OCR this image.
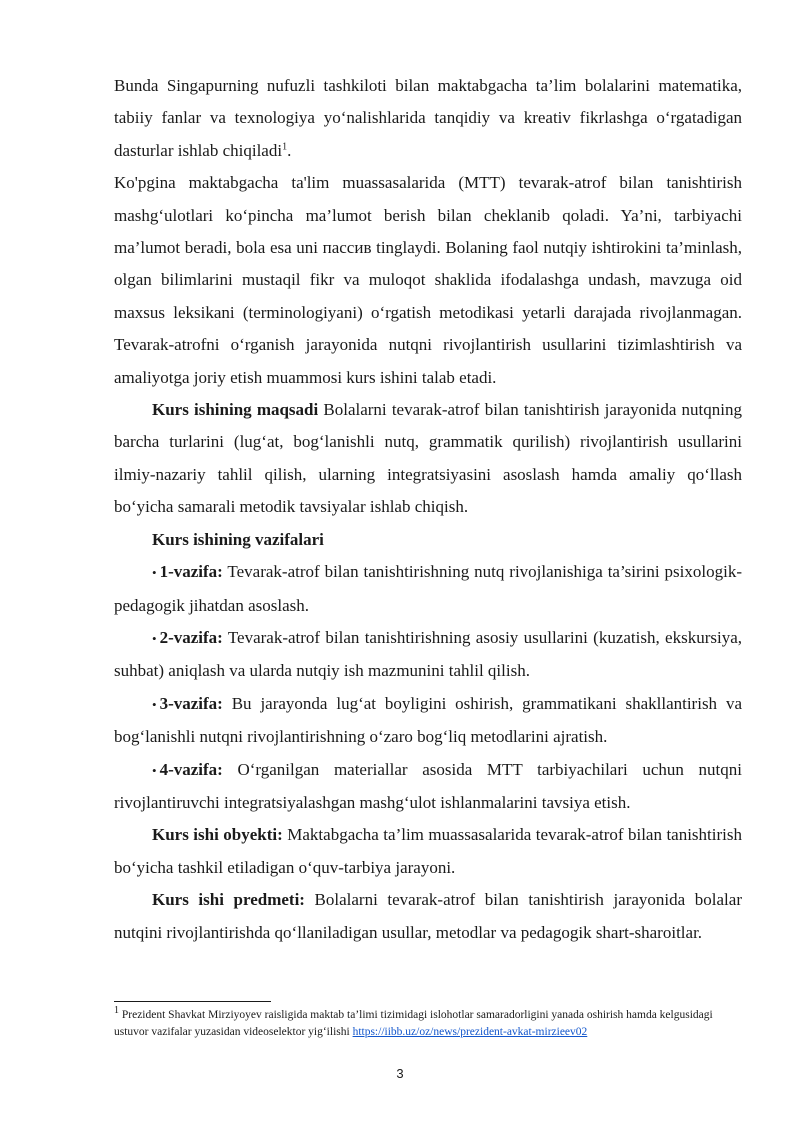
Bunda Singapurning nufuzli tashkiloti bilan maktabgacha ta’lim bolalarini matematika, tabiiy fanlar va texnologiya yo‘nalishlarida tanqidiy va kreativ fikrlashga o‘rgatadigan dasturlar ishlab chiqiladi$^1$.

Ko'pgina maktabgacha ta'lim muassasalarida (MTT) tevarak-atrof bilan tanishtirish mashg‘ulotlari ko‘pincha ma’lumot berish bilan cheklanib qoladi. Ya’ni, tarbiyachi ma’lumot beradi, bola esa uni пассив tinglaydi. Bolaning faol nutqiy ishtirokini ta’minlash, olgan bilimlarini mustaqil fikr va muloqot shaklida ifodalashga undash, mavzuga oid maxsus leksikani (terminologiyani) o‘rgatish metodikasi yetarli darajada rivojlanmagan. Tevarak-atrofni o‘rganish jarayonida nutqni rivojlantirish usullarini tizimlashtirish va amaliyotga joriy etish muammosi kurs ishini talab etadi.

Kurs ishining maqsadi Bolalarni tevarak-atrof bilan tanishtirish jarayonida nutqning barcha turlarini (lug‘at, bog‘lanishli nutq, grammatik qurilish) rivojlantirish usullarini ilmiy-nazariy tahlil qilish, ularning integratsiyasini asoslash hamda amaliy qo‘llash bo‘yicha samarali metodik tavsiyalar ishlab chiqish.

Kurs ishining vazifalari

• 1-vazifa: Tevarak-atrof bilan tanishtirishning nutq rivojlanishiga ta’sirini psixologik-pedagogik jihatdan asoslash.

• 2-vazifa: Tevarak-atrof bilan tanishtirishning asosiy usullarini (kuzatish, ekskursiya, suhbat) aniqlash va ularda nutqiy ish mazmunini tahlil qilish.

• 3-vazifa: Bu jarayonda lug‘at boyligini oshirish, grammatikani shakllantirish va bog‘lanishli nutqni rivojlantirishning o‘zaro bog‘liq metodlarini ajratish.

• 4-vazifa: O‘rganilgan materiallar asosida MTT tarbiyachilari uchun nutqni rivojlantiruvchi integratsiyalashgan mashg‘ulot ishlanmalarini tavsiya etish.

Kurs ishi obyekti: Maktabgacha ta’lim muassasalarida tevarak-atrof bilan tanishtirish bo‘yicha tashkil etiladigan o‘quv-tarbiya jarayoni.

Kurs ishi predmeti: Bolalarni tevarak-atrof bilan tanishtirish jarayonida bolalar nutqini rivojlantirishda qo‘llaniladigan usullar, metodlar va pedagogik shart-sharoitlar.

$^1$ Prezident Shavkat Mirziyoyev raisligida maktab ta’limi tizimidagi islohotlar samaradorligini yanada oshirish hamda kelgusidagi ustuvor vazifalar yuzasidan videoselektor yig‘ilishi https://iibb.uz/oz/news/prezident-avkat-mirzieev02
3
